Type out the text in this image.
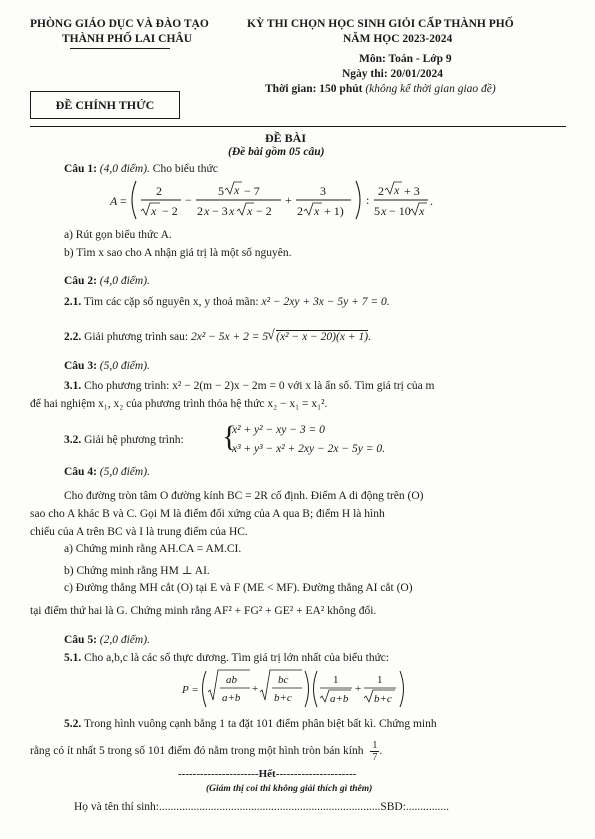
PHÒNG GIÁO DỤC VÀ ĐÀO TẠO
THÀNH PHỐ LAI CHÂU
KỲ THI CHỌN HỌC SINH GIỎI CẤP THÀNH PHỐ
NĂM HỌC 2023-2024
Môn: Toán - Lớp 9
Ngày thi: 20/01/2024
Thời gian: 150 phút (không kể thời gian giao đề)
ĐỀ CHÍNH THỨC
ĐỀ BÀI
(Đề bài gồm 05 câu)
Câu 1: (4,0 điểm). Cho biểu thức
A =
2
x − 2
−
5 x − 7
2 x − 3 x x − 2
+
3
2 x + 1)
:
2 x + 3
5 x − 10 x
.
a) Rút gọn biểu thức A.
b) Tìm x sao cho A nhận giá trị là một số nguyên.
Câu 2: (4,0 điểm).
2.1. Tìm các cặp số nguyên x, y thoả mãn: x² − 2xy + 3x − 5y + 7 = 0.
2.2. Giải phương trình sau: 2x² − 5x + 2 = 5 √ (x² − x − 20)(x + 1).
Câu 3: (5,0 điểm).
3.1. Cho phương trình: x² − 2(m − 2)x − 2m = 0 với x là ẩn số. Tìm giá trị của m
để hai nghiệm x₁, x₂ của phương trình thỏa hệ thức x₂ − x₁ = x₁².
3.2. Giải hệ phương trình: {
x² + y² − xy − 3 = 0
x³ + y³ − x² + 2xy − 2x − 5y = 0.
Câu 4: (5,0 điểm).
Cho đường tròn tâm O đường kính BC = 2R cố định. Điểm A di động trên (O)
sao cho A khác B và C. Gọi M là điểm đối xứng của A qua B; điểm H là hình
chiếu của A trên BC và I là trung điểm của HC.
a) Chứng minh rằng AH.CA = AM.CI.
b) Chứng minh rằng HM ⊥ AI.
c) Đường thẳng MH cắt (O) tại E và F (ME < MF). Đường thẳng AI cắt (O)
tại điểm thứ hai là G. Chứng minh rằng AF² + FG² + GE² + EA² không đổi.
Câu 5: (2,0 điểm).
5.1. Cho a,b,c là các số thực dương. Tìm giá trị lớn nhất của biểu thức:
P =
ab
a+b
+
bc
b+c
1
a+b
+
1
b+c
5.2. Trong hình vuông cạnh bằng 1 ta đặt 101 điểm phân biệt bất kì. Chứng minh
rằng có ít nhất 5 trong số 101 điểm đó nằm trong một hình tròn bán kính $\frac{1}{7}$ .
----------------------Hết----------------------
(Giám thị coi thi không giải thích gì thêm)
Họ và tên thí sinh:.............................................................................SBD:...............
